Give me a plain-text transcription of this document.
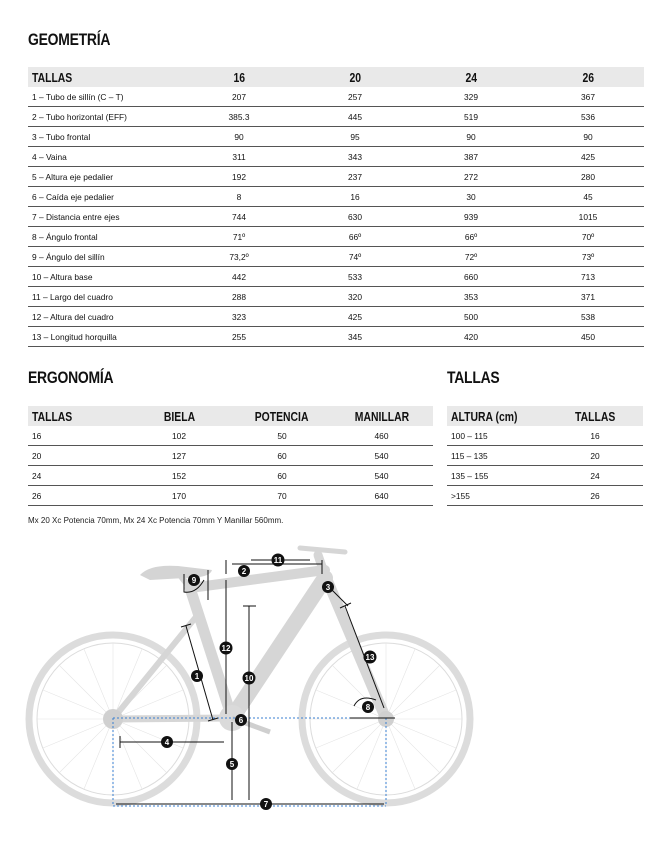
GEOMETRÍA
TALLAS	16	20	24	26
1 – Tubo de sillín (C – T)	207	257	329	367
2 – Tubo horizontal (EFF)	385.3	445	519	536
3 – Tubo frontal	90	95	90	90
4 – Vaina	311	343	387	425
5 – Altura eje pedalier	192	237	272	280
6 – Caída eje pedalier	8	16	30	45
7 – Distancia entre ejes	744	630	939	1015
8 – Ángulo frontal	71º	66º	66º	70º
9 – Ángulo del sillín	73,2º	74º	72º	73º
10 – Altura base	442	533	660	713
11 – Largo del cuadro	288	320	353	371
12 – Altura del cuadro	323	425	500	538
13 – Longitud horquilla	255	345	420	450
ERGONOMÍA
TALLAS	BIELA	POTENCIA	MANILLAR
16	102	50	460
20	127	60	540
24	152	60	540
26	170	70	640
Mx 20 Xc Potencia 70mm, Mx 24 Xc Potencia 70mm Y Manillar 560mm.
TALLAS
ALTURA (cm)	TALLAS
100 – 115	16
115 – 135	20
135 – 155	24
>155	26
1
2
3
4
5
6
7
8
9
10
11
12
13
